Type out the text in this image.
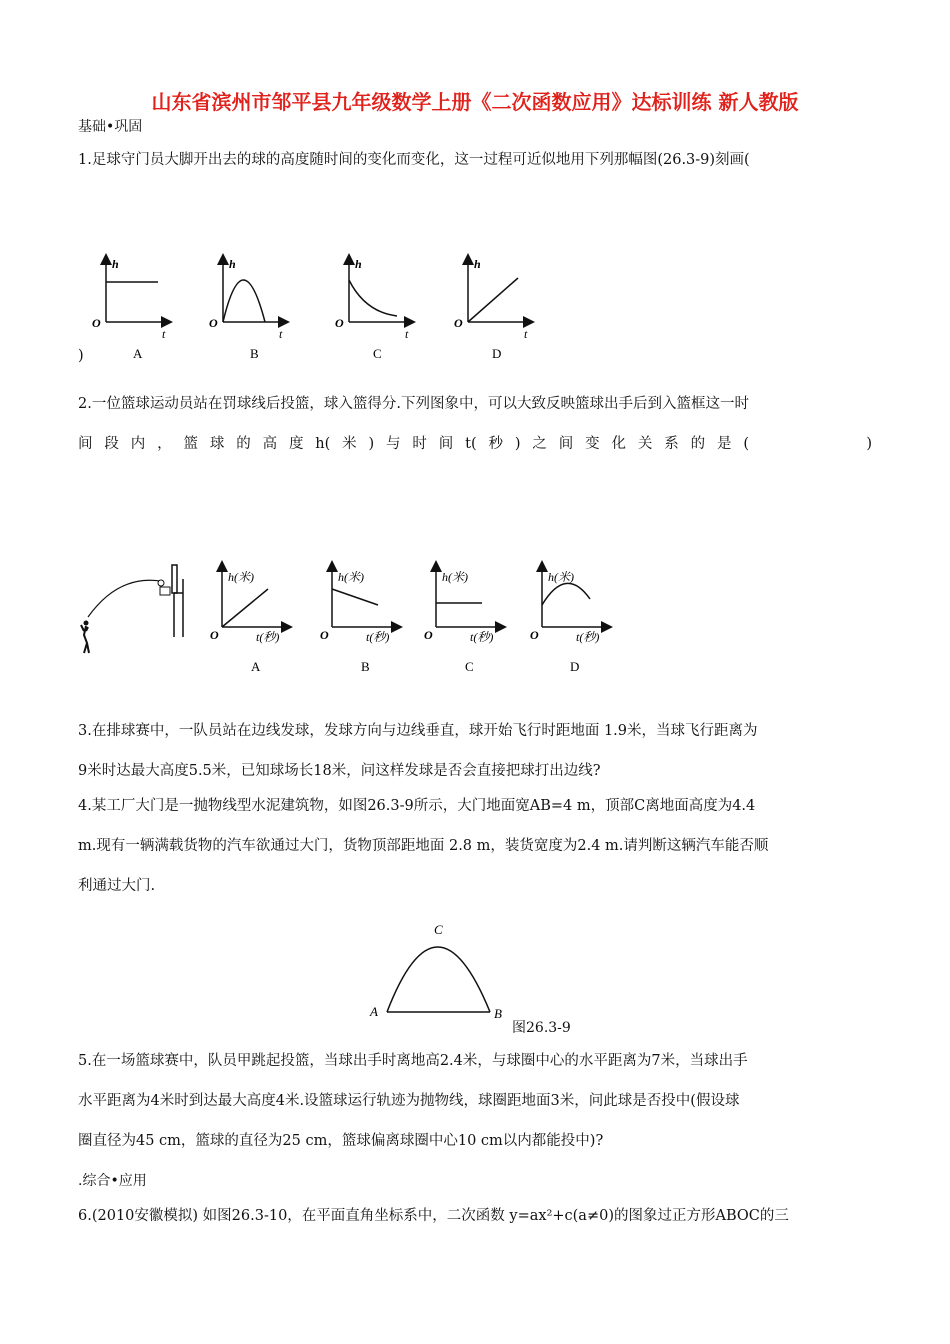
山东省滨州市邹平县九年级数学上册《二次函数应用》达标训练 新人教版
基础•巩固
1.足球守门员大脚开出去的球的高度随时间的变化而变化，这一过程可近似地用下列那幅图(26.3-9)刻画(
h
O
t
A
h
O
t
B
h
O
t
C
h
O
t
D
)
2.一位篮球运动员站在罚球线后投篮，球入篮得分.下列图象中，可以大致反映篮球出手后到入篮框这一时
间段内，篮球的高度h(米)与时间t(秒)之间变化关系的是(　　　　)
h(米)
O	t(秒)
A
h(米)
O	t(秒)
B
h(米)
O	t(秒)
C
h(米)
O	t(秒)
D
3.在排球赛中，一队员站在边线发球，发球方向与边线垂直，球开始飞行时距地面 1.9米，当球飞行距离为
9米时达最大高度5.5米，已知球场长18米，问这样发球是否会直接把球打出边线?
4.某工厂大门是一抛物线型水泥建筑物，如图26.3-9所示，大门地面宽AB=4 m，顶部C离地面高度为4.4
m.现有一辆满载货物的汽车欲通过大门，货物顶部距地面 2.8 m，装货宽度为2.4 m.请判断这辆汽车能否顺
利通过大门.
C
A	B
图26.3-9
5.在一场篮球赛中，队员甲跳起投篮，当球出手时离地高2.4米，与球圈中心的水平距离为7米，当球出手
水平距离为4米时到达最大高度4米.设篮球运行轨迹为抛物线，球圈距地面3米，问此球是否投中(假设球
圈直径为45 cm，篮球的直径为25 cm，篮球偏离球圈中心10 cm以内都能投中)?
.综合•应用
6.(2010安徽模拟) 如图26.3-10，在平面直角坐标系中，二次函数 y=ax²+c(a≠0)的图象过正方形ABOC的三
